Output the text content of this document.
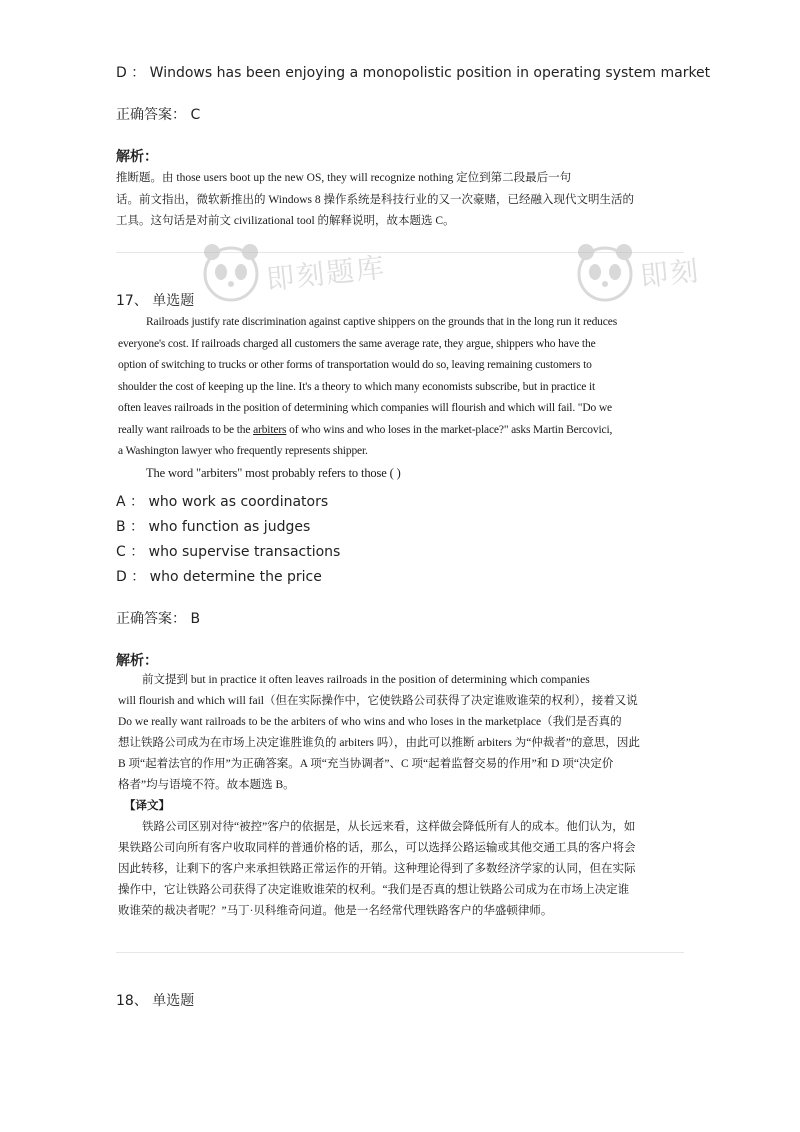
D ： Windows has been enjoying a monopolistic position in operating system market
正确答案： C
解析：

推断题。由 those users boot up the new OS, they will recognize nothing 定位到第二段最后一句

话。前文指出，微软新推出的 Windows 8 操作系统是科技行业的又一次豪赌，已经融入现代文明生活的

工具。这句话是对前文 civilizational tool 的解释说明，故本题选 C。

即刻题库	即刻
17、 单选题

Railroads justify rate discrimination against captive shippers on the grounds that in the long run it reduces

everyone's cost. If railroads charged all customers the same average rate, they argue, shippers who have the

option of switching to trucks or other forms of transportation would do so, leaving remaining customers to

shoulder the cost of keeping up the line. It's a theory to which many economists subscribe, but in practice it

often leaves railroads in the position of determining which companies will flourish and which will fail. "Do we

really want railroads to be the arbiters of who wins and who loses in the market-place?" asks Martin Bercovici,

a Washington lawyer who frequently represents shipper.

The word "arbiters" most probably refers to those ( )

A ： who work as coordinators
B ： who function as judges
C ： who supervise transactions
D ： who determine the price
正确答案： B
解析：

前文提到 but in practice it often leaves railroads in the position of determining which companies

will flourish and which will fail（但在实际操作中，它使铁路公司获得了决定谁败谁荣的权利），接着又说

Do we really want railroads to be the arbiters of who wins and who loses in the marketplace（我们是否真的

想让铁路公司成为在市场上决定谁胜谁负的 arbiters 吗），由此可以推断 arbiters 为“仲裁者”的意思，因此

B 项“起着法官的作用”为正确答案。A 项“充当协调者”、C 项“起着监督交易的作用”和 D 项“决定价

格者”均与语境不符。故本题选 B。

【译文】

铁路公司区别对待“被控”客户的依据是，从长远来看，这样做会降低所有人的成本。他们认为，如

果铁路公司向所有客户收取同样的普通价格的话，那么，可以选择公路运输或其他交通工具的客户将会

因此转移，让剩下的客户来承担铁路正常运作的开销。这种理论得到了多数经济学家的认同，但在实际

操作中，它让铁路公司获得了决定谁败谁荣的权利。“我们是否真的想让铁路公司成为在市场上决定谁

败谁荣的裁决者呢？”马丁·贝科维奇问道。他是一名经常代理铁路客户的华盛顿律师。

18、 单选题
